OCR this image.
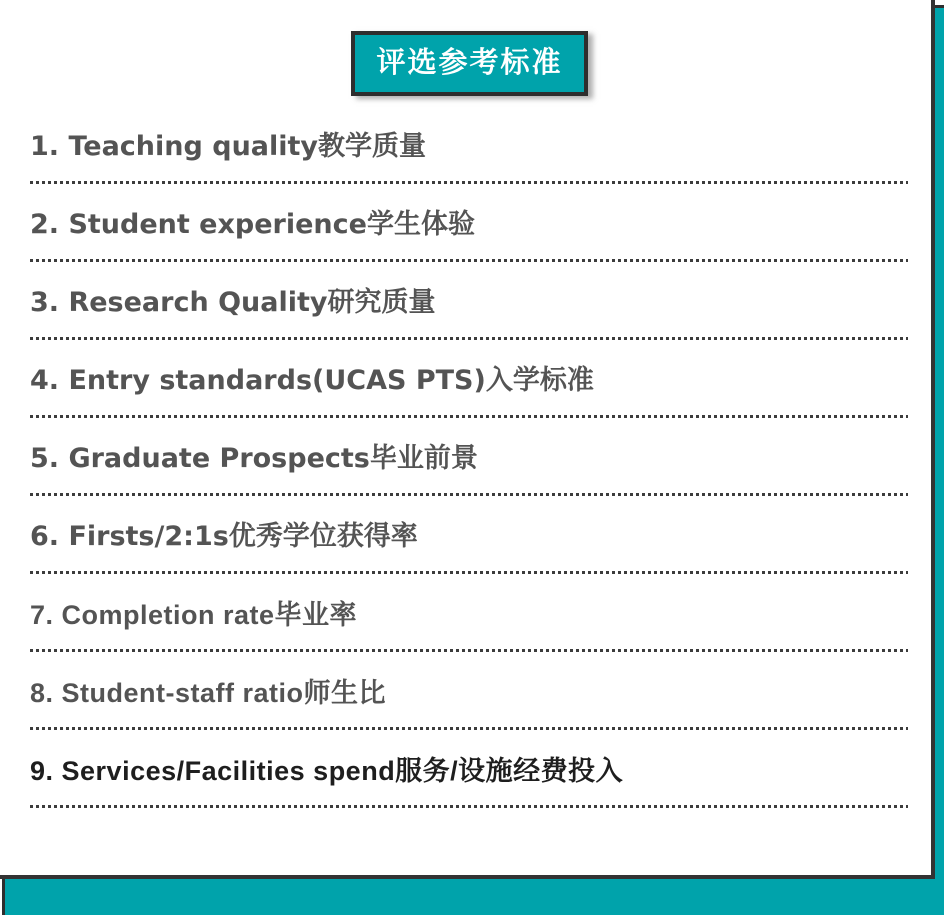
评选参考标准
1. Teaching quality教学质量
2. Student experience学生体验
3. Research Quality研究质量
4. Entry standards(UCAS PTS)入学标准
5. Graduate Prospects毕业前景
6. Firsts/2:1s优秀学位获得率
7. Completion rate毕业率
8. Student-staff ratio师生比
9. Services/Facilities spend服务/设施经费投入
